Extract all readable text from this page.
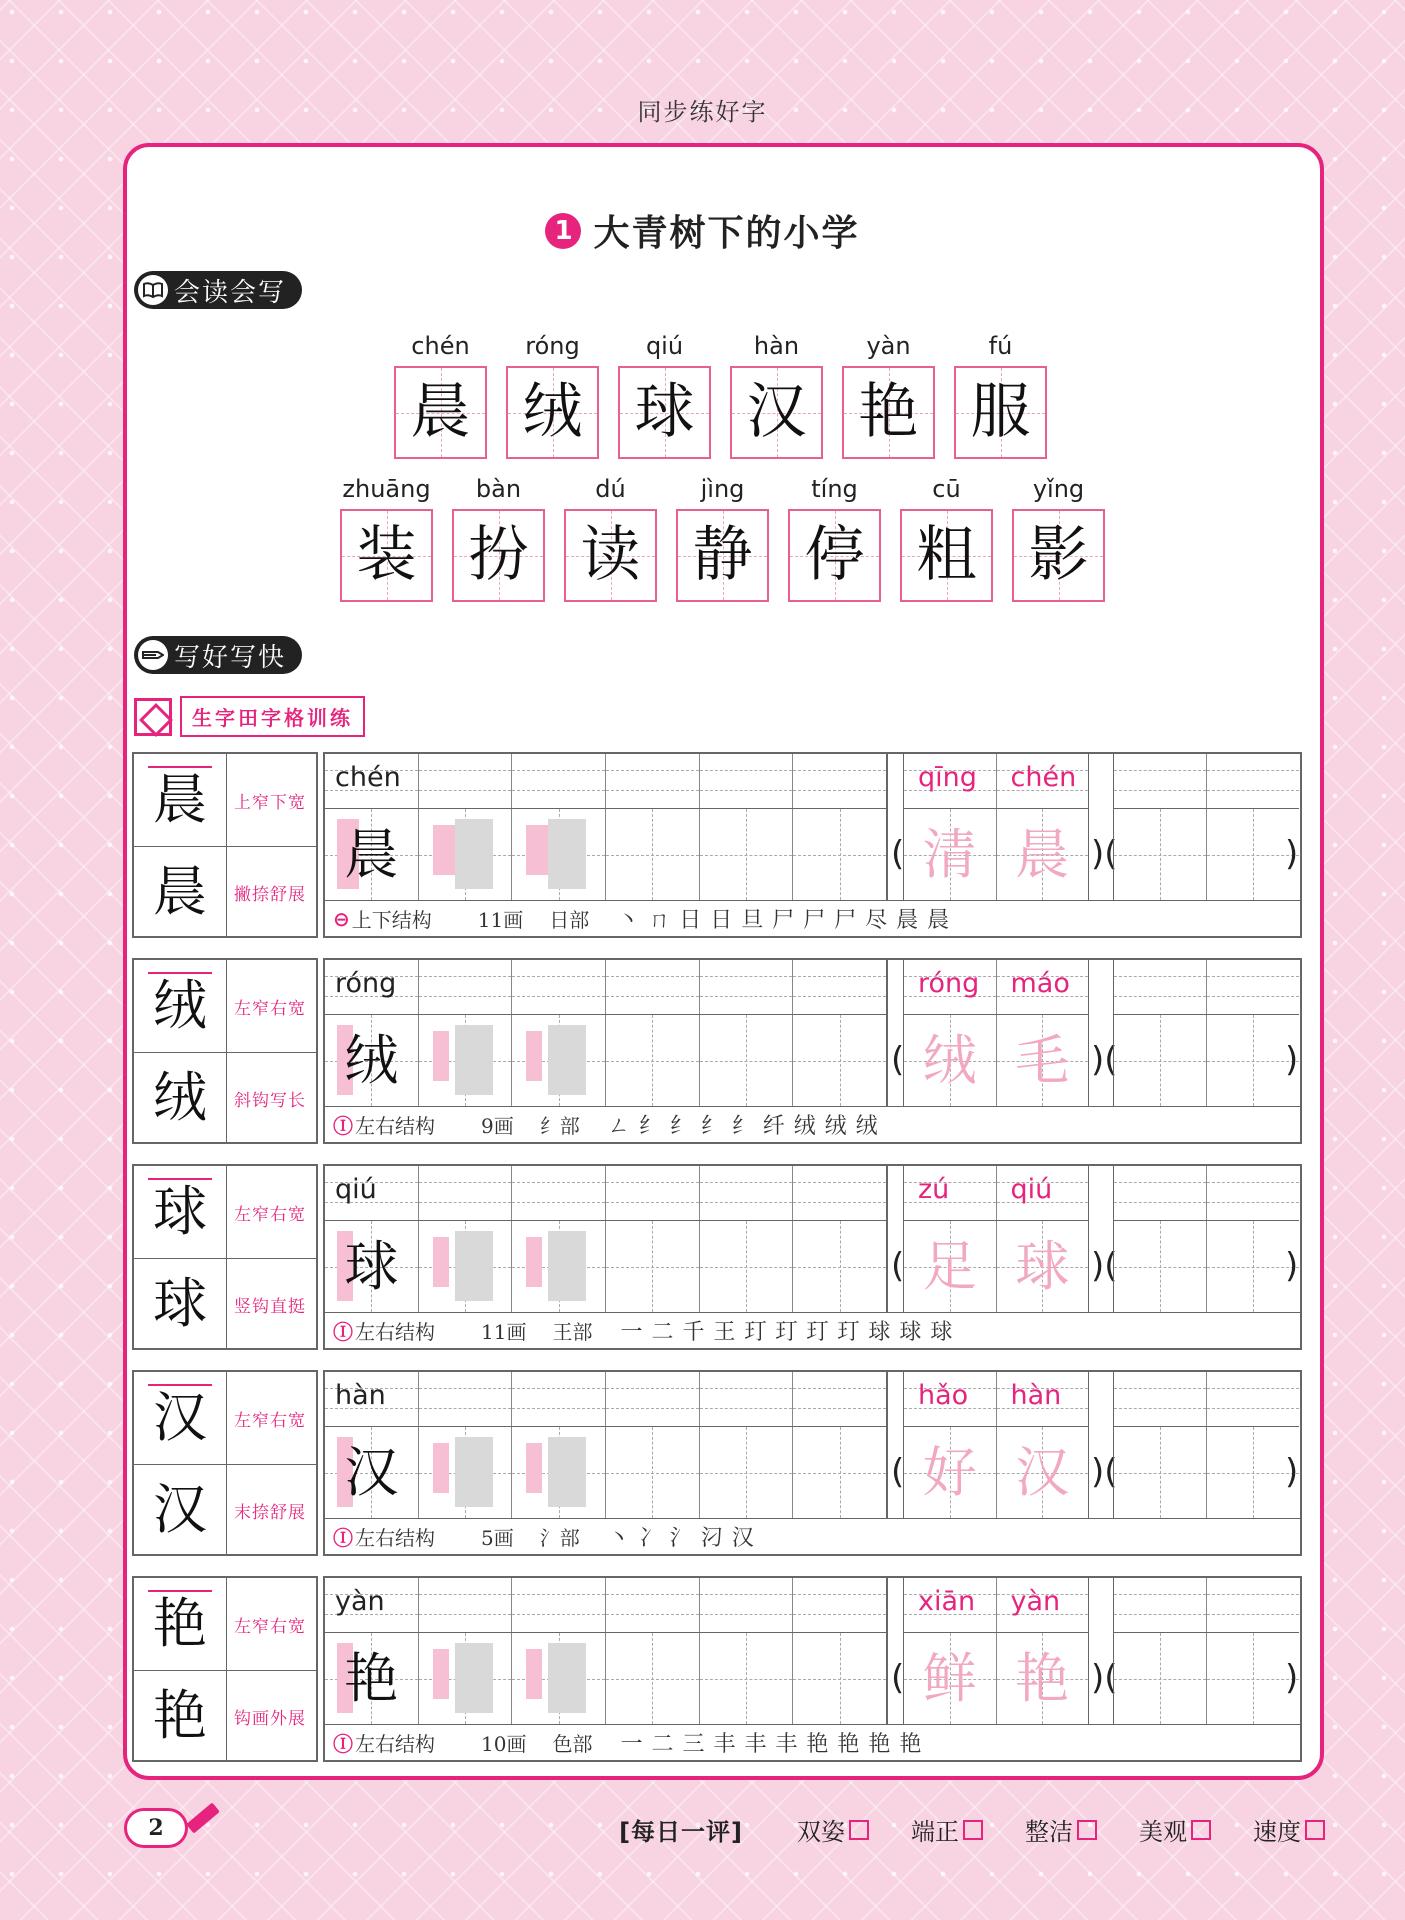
同步练好字
1 大青树下的小学
会读会写
chén
晨
róng
绒
qiú
球
hàn
汉
yàn
艳
fú
服
zhuāng
装
bàn
扮
dú
读
jìng
静
tíng
停
cū
粗
yǐng
影
写好写快
生字田字格训练
晨
晨
上窄下宽
撇捺舒展
chén
晨	(
qīng chén
清 晨 )(	)
⊖ 上下结构 11画 日部 丶 ㄇ 日 日 旦 尸 尸 尸 尽 晨 晨
绒
绒
左窄右宽
斜钩写长
róng
绒	(
róng máo
绒 毛 )(	)
Ⓘ 左右结构 9画 纟部 ㄥ 纟 纟 纟 纟 纤 绒 绒 绒
球
球
左窄右宽
竖钩直挺
qiú
球	(
zú qiú
足 球 )(	)
Ⓘ 左右结构 11画 王部 一 二 千 王 玎 玎 玎 玎 球 球 球
汉
汉
左窄右宽
末捺舒展
hàn
汉	(
hǎo hàn
好 汉 )(	)
Ⓘ 左右结构 5画 氵部 丶 冫 氵 汈 汉
艳
艳
左窄右宽
钩画外展
yàn
艳	(
xiān yàn
鲜 艳 )(	)
Ⓘ 左右结构 10画 色部 一 二 三 丰 丰 丰 艳 艳 艳 艳
2	[每日一评] 双姿	端正	整洁	美观	速度
